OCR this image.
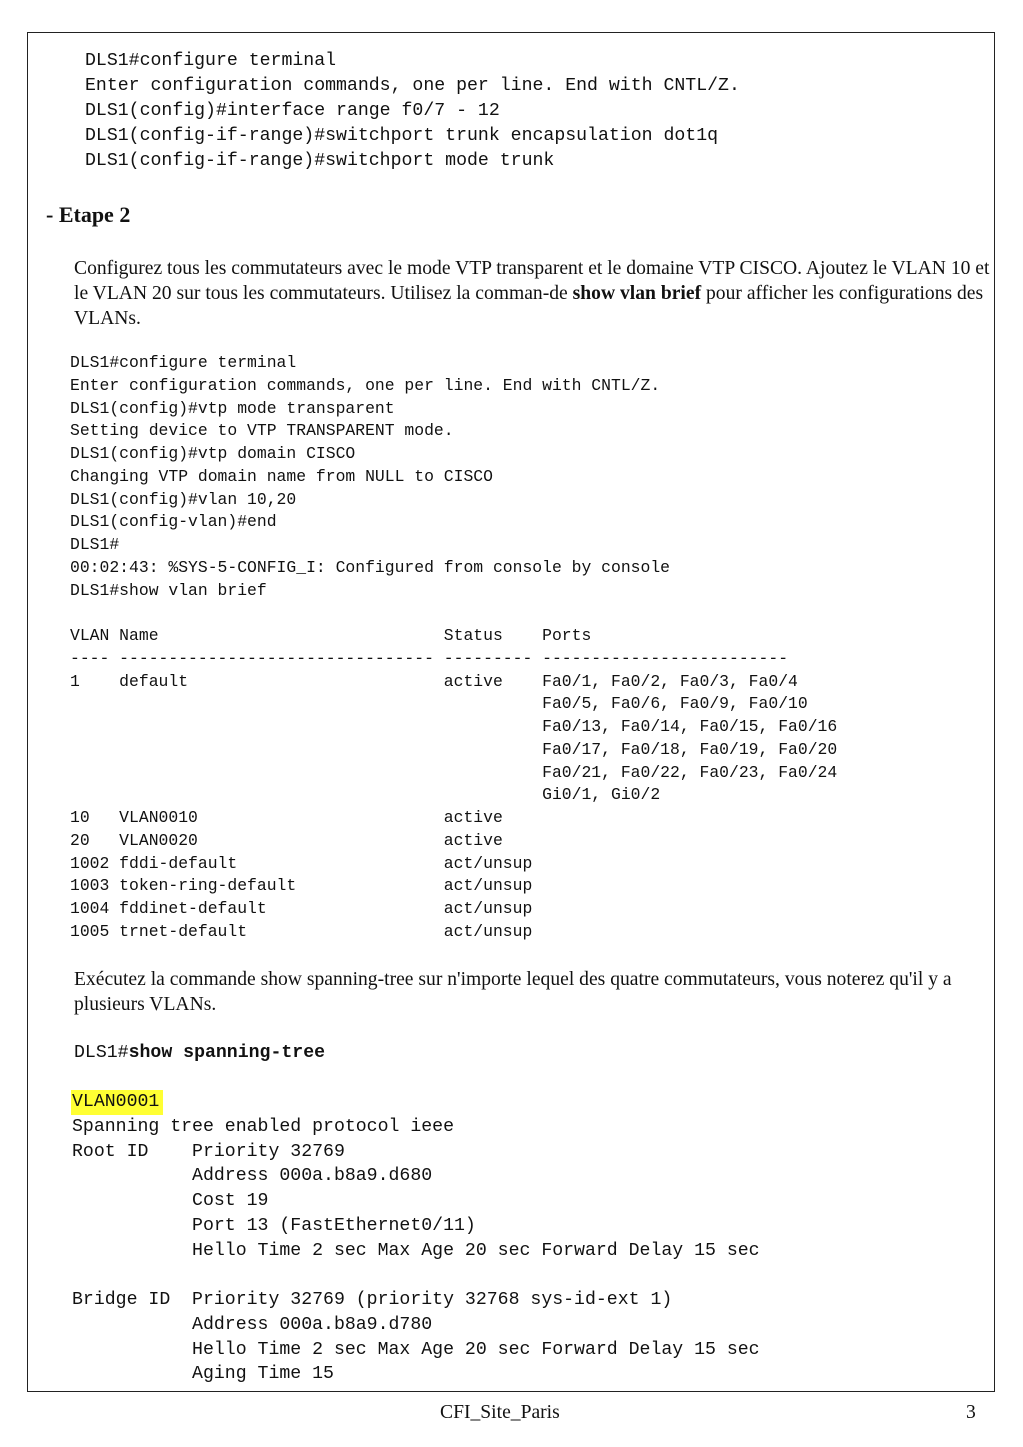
DLS1#configure terminal
Enter configuration commands, one per line. End with CNTL/Z.
DLS1(config)#interface range f0/7 - 12
DLS1(config-if-range)#switchport trunk encapsulation dot1q
DLS1(config-if-range)#switchport mode trunk
- Etape 2

Configurez tous les commutateurs avec le mode VTP transparent et le domaine VTP CISCO. Ajoutez le VLAN 10 et le VLAN 20 sur tous les commutateurs. Utilisez la comman-de show vlan brief pour afficher les configurations des VLANs.

DLS1#configure terminal
Enter configuration commands, one per line. End with CNTL/Z.
DLS1(config)#vtp mode transparent
Setting device to VTP TRANSPARENT mode.
DLS1(config)#vtp domain CISCO
Changing VTP domain name from NULL to CISCO
DLS1(config)#vlan 10,20
DLS1(config-vlan)#end
DLS1#
00:02:43: %SYS-5-CONFIG_I: Configured from console by console
DLS1#show vlan brief

VLAN Name                             Status    Ports
---- -------------------------------- --------- -------------------------
1    default                          active    Fa0/1, Fa0/2, Fa0/3, Fa0/4
Fa0/5, Fa0/6, Fa0/9, Fa0/10
Fa0/13, Fa0/14, Fa0/15, Fa0/16
Fa0/17, Fa0/18, Fa0/19, Fa0/20
Fa0/21, Fa0/22, Fa0/23, Fa0/24
Gi0/1, Gi0/2
10   VLAN0010                         active
20   VLAN0020                         active
1002 fddi-default                     act/unsup
1003 token-ring-default               act/unsup
1004 fddinet-default                  act/unsup
1005 trnet-default                    act/unsup

Exécutez la commande show spanning-tree sur n'importe lequel des quatre commutateurs, vous noterez qu'il y a plusieurs VLANs.

DLS1#show spanning-tree
VLAN0001
Spanning tree enabled protocol ieee
Root ID    Priority 32769
Address 000a.b8a9.d680
Cost 19
Port 13 (FastEthernet0/11)
Hello Time 2 sec Max Age 20 sec Forward Delay 15 sec

Bridge ID  Priority 32769 (priority 32768 sys-id-ext 1)
Address 000a.b8a9.d780
Hello Time 2 sec Max Age 20 sec Forward Delay 15 sec
Aging Time 15

CFI_Site_Paris	3
